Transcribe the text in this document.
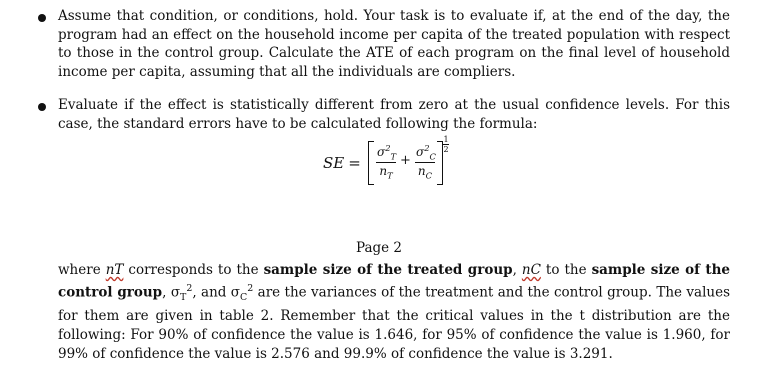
Assume that condition, or conditions, hold. Your task is to evaluate if, at the end of the day, the program had an effect on the household income per capita of the treated population with respect to those in the control group. Calculate the ATE of each program on the final level of household income per capita, assuming that all the individuals are compliers.
Evaluate if the effect is statistically different from zero at the usual confidence levels. For this case, the standard errors have to be calculated following the formula:
SE = $\frac{\sigma^2_T}{n_T} + \frac{\sigma^2_C}{n_C}$
1
2
Page 2
where nT corresponds to the sample size of the treated group, nC to the sample size of the control group, $\sigma_T^2$, and $\sigma_C^2$ are the variances of the treatment and the control group. The values for them are given in table 2. Remember that the critical values in the t distribution are the following: For 90% of confidence the value is 1.646, for 95% of confidence the value is 1.960, for 99% of confidence the value is 2.576 and 99.9% of confidence the value is 3.291.
